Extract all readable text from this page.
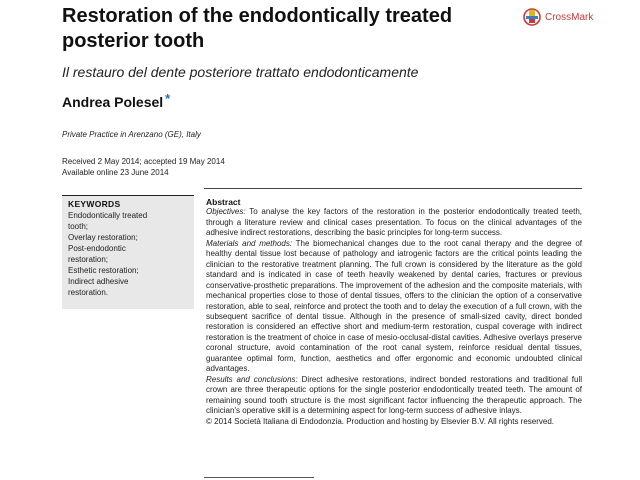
Restoration of the endodontically treated posterior tooth
CrossMark
Il restauro del dente posteriore trattato endodonticamente
Andrea Polesel *
Private Practice in Arenzano (GE), Italy
Received 2 May 2014; accepted 19 May 2014
Available online 23 June 2014
KEYWORDS
Endodontically treated
tooth;
Overlay restoration;
Post-endodontic
restoration;
Esthetic restoration;
Indirect adhesive
restoration.
Abstract

Objectives: To analyse the key factors of the restoration in the posterior endodontically treated teeth, through a literature review and clinical cases presentation. To focus on the clinical advantages of the adhesive indirect restorations, describing the basic principles for long-term success.

Materials and methods: The biomechanical changes due to the root canal therapy and the degree of healthy dental tissue lost because of pathology and iatrogenic factors are the critical points leading the clinician to the restorative treatment planning. The full crown is considered by the literature as the gold standard and is indicated in case of teeth heavily weakened by dental caries, fractures or previous conservative-prosthetic preparations. The improvement of the adhesion and the composite materials, with mechanical properties close to those of dental tissues, offers to the clinician the option of a conservative restoration, able to seal, reinforce and protect the tooth and to delay the execution of a full crown, with the subsequent sacrifice of dental tissue. Although in the presence of small-sized cavity, direct bonded restoration is considered an effective short and medium-term restoration, cuspal coverage with indirect restoration is the treatment of choice in case of mesio-occlusal-distal cavities. Adhesive overlays preserve coronal structure, avoid contamination of the root canal system, reinforce residual dental tissues, guarantee optimal form, function, aesthetics and offer ergonomic and economic undoubted clinical advantages.

Results and conclusions: Direct adhesive restorations, indirect bonded restorations and traditional full crown are three therapeutic options for the single posterior endodontically treated teeth. The amount of remaining sound tooth structure is the most significant factor influencing the therapeutic approach. The clinician's operative skill is a determining aspect for long-term success of adhesive inlays.

© 2014 Società Italiana di Endodonzia. Production and hosting by Elsevier B.V. All rights reserved.
